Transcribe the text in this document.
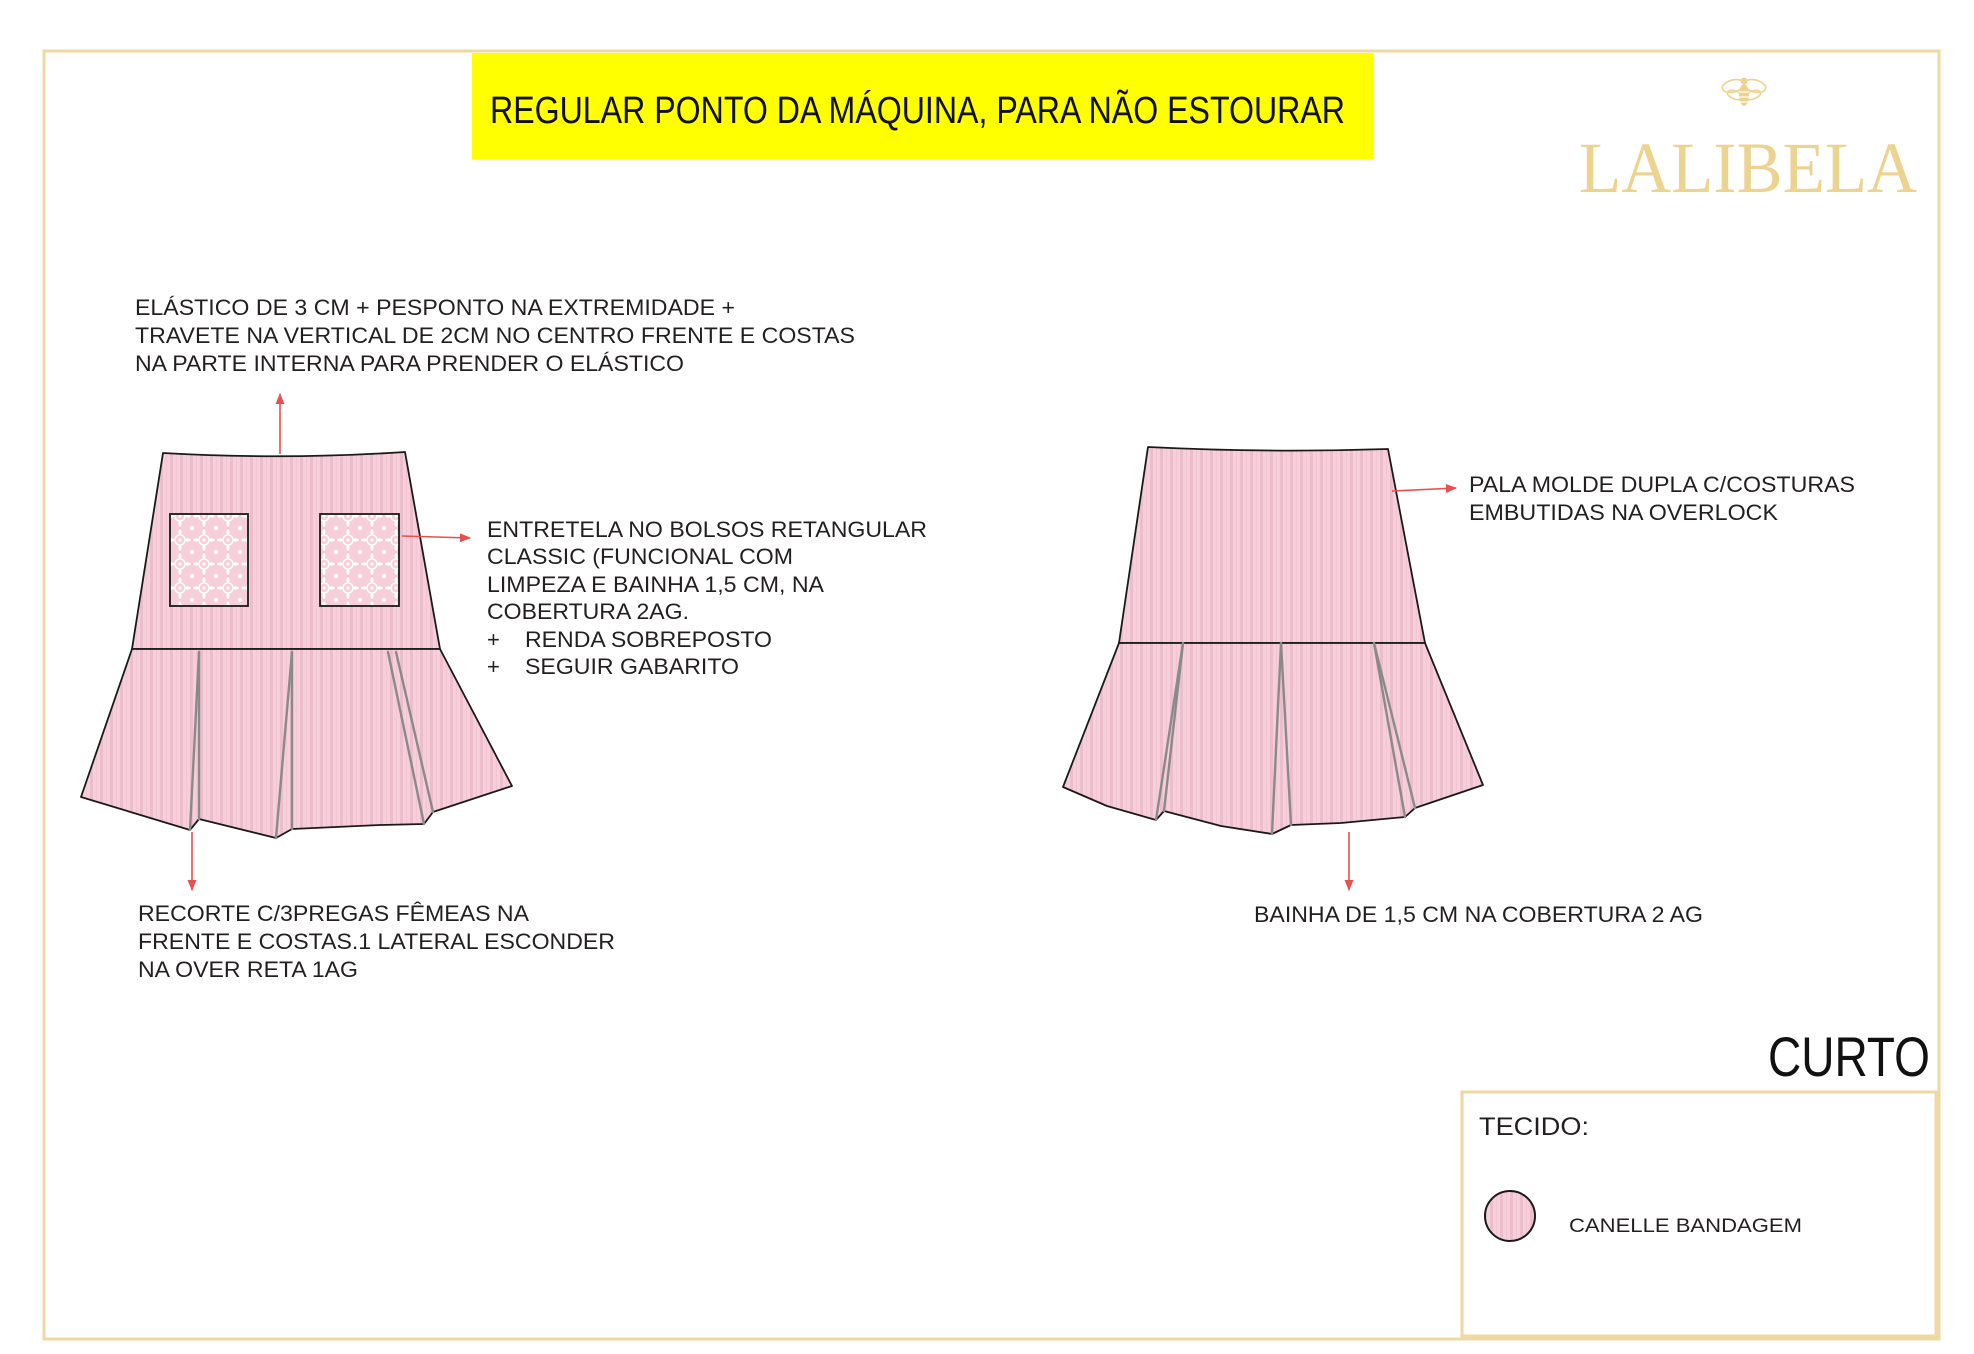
REGULAR PONTO DA MÁQUINA, PARA NÃO ESTOURAR
LALIBELA
ELÁSTICO DE 3 CM + PESPONTO NA EXTREMIDADE +
TRAVETE NA VERTICAL DE 2CM NO CENTRO FRENTE E COSTAS
NA PARTE INTERNA PARA PRENDER O ELÁSTICO
ENTRETELA NO BOLSOS RETANGULAR
CLASSIC (FUNCIONAL COM
LIMPEZA E BAINHA 1,5 CM, NA
COBERTURA 2AG.
+ RENDA SOBREPOSTO
+ SEGUIR GABARITO
RECORTE C/3PREGAS FÊMEAS NA
FRENTE E COSTAS.1 LATERAL ESCONDER
NA OVER RETA 1AG
PALA MOLDE DUPLA C/COSTURAS
EMBUTIDAS NA OVERLOCK
BAINHA DE 1,5 CM NA COBERTURA 2 AG
CURTO
TECIDO:
CANELLE BANDAGEM
